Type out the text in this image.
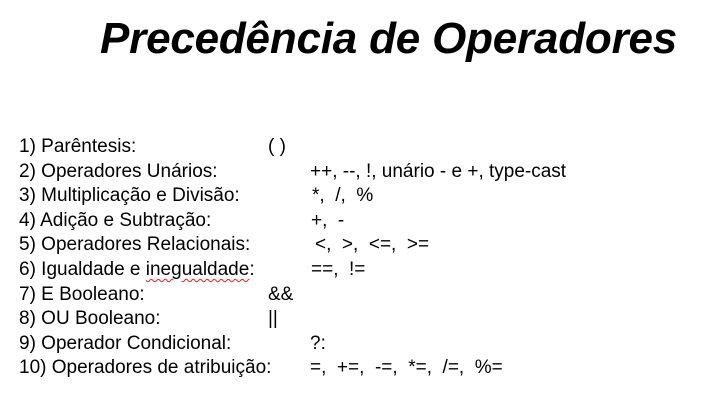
Precedência de Operadores
1) Parêntesis:	( )
2) Operadores Unários:	++, --, !, unário - e +, type-cast
3) Multiplicação e Divisão:	*,  /,  %
4) Adição e Subtração:	+,  -
5) Operadores Relacionais:	<,  >,  <=,  >=
6) Igualdade e inegualdade:	==,  !=
7) E Booleano:	&&
8) OU Booleano:	||
9) Operador Condicional:	?:
10) Operadores de atribuição: =,  +=,  -=,  *=,  /=,  %=
